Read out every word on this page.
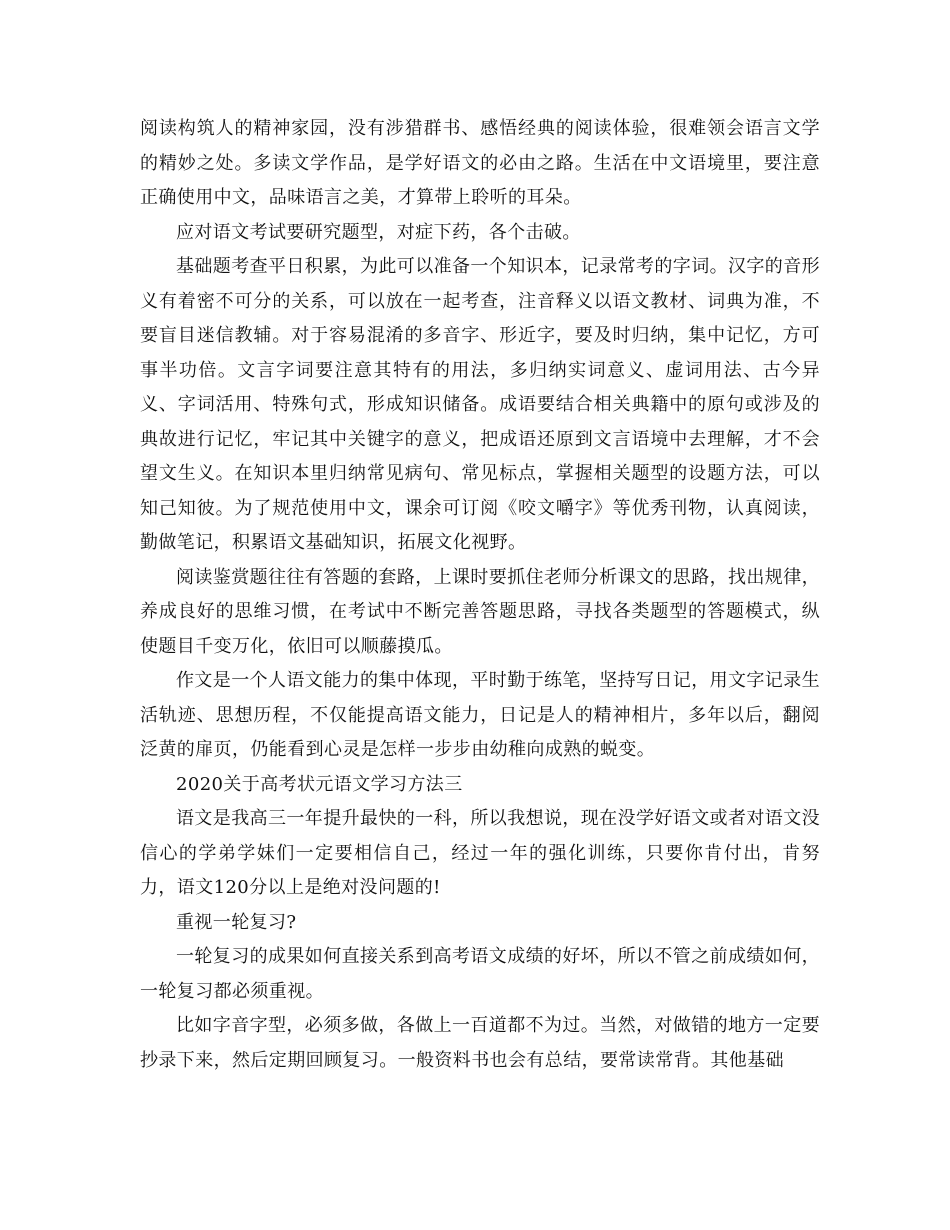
阅读构筑人的精神家园，没有涉猎群书、感悟经典的阅读体验，很难领会语言文学的精妙之处。多读文学作品，是学好语文的必由之路。生活在中文语境里，要注意正确使用中文，品味语言之美，才算带上聆听的耳朵。

应对语文考试要研究题型，对症下药，各个击破。

基础题考查平日积累，为此可以准备一个知识本，记录常考的字词。汉字的音形义有着密不可分的关系，可以放在一起考查，注音释义以语文教材、词典为准，不要盲目迷信教辅。对于容易混淆的多音字、形近字，要及时归纳，集中记忆，方可事半功倍。文言字词要注意其特有的用法，多归纳实词意义、虚词用法、古今异义、字词活用、特殊句式，形成知识储备。成语要结合相关典籍中的原句或涉及的典故进行记忆，牢记其中关键字的意义，把成语还原到文言语境中去理解，才不会望文生义。在知识本里归纳常见病句、常见标点，掌握相关题型的设题方法，可以知己知彼。为了规范使用中文，课余可订阅《咬文嚼字》等优秀刊物，认真阅读，勤做笔记，积累语文基础知识，拓展文化视野。

阅读鉴赏题往往有答题的套路，上课时要抓住老师分析课文的思路，找出规律，养成良好的思维习惯，在考试中不断完善答题思路，寻找各类题型的答题模式，纵使题目千变万化，依旧可以顺藤摸瓜。

作文是一个人语文能力的集中体现，平时勤于练笔，坚持写日记，用文字记录生活轨迹、思想历程，不仅能提高语文能力，日记是人的精神相片，多年以后，翻阅泛黄的扉页，仍能看到心灵是怎样一步步由幼稚向成熟的蜕变。

2020关于高考状元语文学习方法三

语文是我高三一年提升最快的一科，所以我想说，现在没学好语文或者对语文没信心的学弟学妹们一定要相信自己，经过一年的强化训练，只要你肯付出，肯努力，语文120分以上是绝对没问题的!

重视一轮复习?

一轮复习的成果如何直接关系到高考语文成绩的好坏，所以不管之前成绩如何，一轮复习都必须重视。

比如字音字型，必须多做，各做上一百道都不为过。当然，对做错的地方一定要抄录下来，然后定期回顾复习。一般资料书也会有总结，要常读常背。其他基础
